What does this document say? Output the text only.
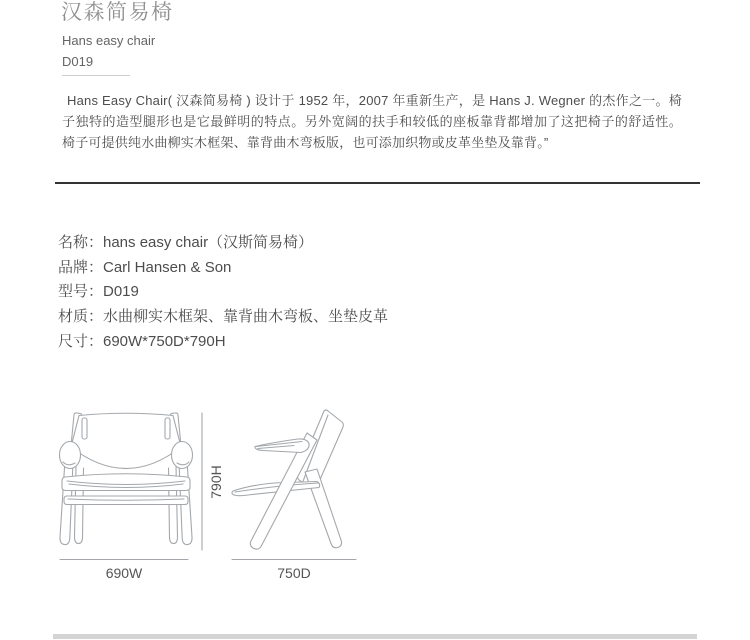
汉森简易椅
Hans easy chair
D019
Hans Easy Chair( 汉森简易椅 ) 设计于 1952 年，2007 年重新生产，是 Hans J. Wegner 的杰作之一。椅子独特的造型腿形也是它最鲜明的特点。另外宽阔的扶手和较低的座板靠背都增加了这把椅子的舒适性。椅子可提供纯水曲柳实木框架、靠背曲木弯板版，也可添加织物或皮革坐垫及靠背。”
名称：hans easy chair（汉斯简易椅）
品牌：Carl Hansen & Son
型号：D019
材质：水曲柳实木框架、靠背曲木弯板、坐垫皮革
尺寸：690W*750D*790H
690W	750D
790H
